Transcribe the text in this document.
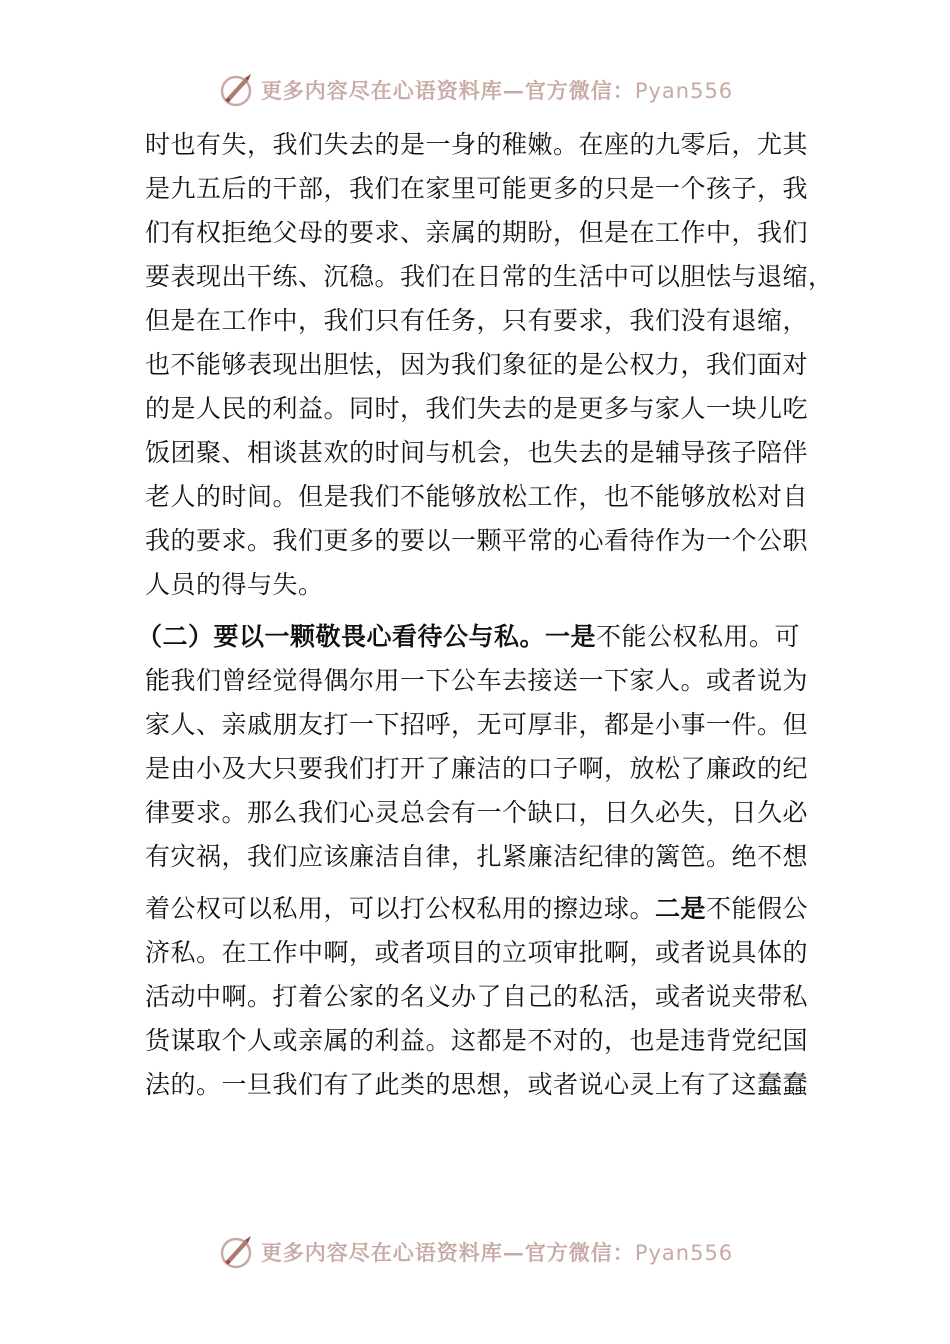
更多内容尽在心语资料库—官方微信：Pyan556
时也有失，我们失去的是一身的稚嫩。在座的九零后，尤其
是九五后的干部，我们在家里可能更多的只是一个孩子，我
们有权拒绝父母的要求、亲属的期盼，但是在工作中，我们
要表现出干练、沉稳。我们在日常的生活中可以胆怯与退缩，
但是在工作中，我们只有任务，只有要求，我们没有退缩，
也不能够表现出胆怯，因为我们象征的是公权力，我们面对
的是人民的利益。同时，我们失去的是更多与家人一块儿吃
饭团聚、相谈甚欢的时间与机会，也失去的是辅导孩子陪伴
老人的时间。但是我们不能够放松工作，也不能够放松对自
我的要求。我们更多的要以一颗平常的心看待作为一个公职
人员的得与失。
（二）要以一颗敬畏心看待公与私。一是不能公权私用。可
能我们曾经觉得偶尔用一下公车去接送一下家人。或者说为
家人、亲戚朋友打一下招呼，无可厚非，都是小事一件。但
是由小及大只要我们打开了廉洁的口子啊，放松了廉政的纪
律要求。那么我们心灵总会有一个缺口，日久必失，日久必
有灾祸，我们应该廉洁自律，扎紧廉洁纪律的篱笆。绝不想
着公权可以私用，可以打公权私用的擦边球。二是不能假公
济私。在工作中啊，或者项目的立项审批啊，或者说具体的
活动中啊。打着公家的名义办了自己的私活，或者说夹带私
货谋取个人或亲属的利益。这都是不对的，也是违背党纪国
法的。一旦我们有了此类的思想，或者说心灵上有了这蠢蠢
更多内容尽在心语资料库—官方微信：Pyan556
